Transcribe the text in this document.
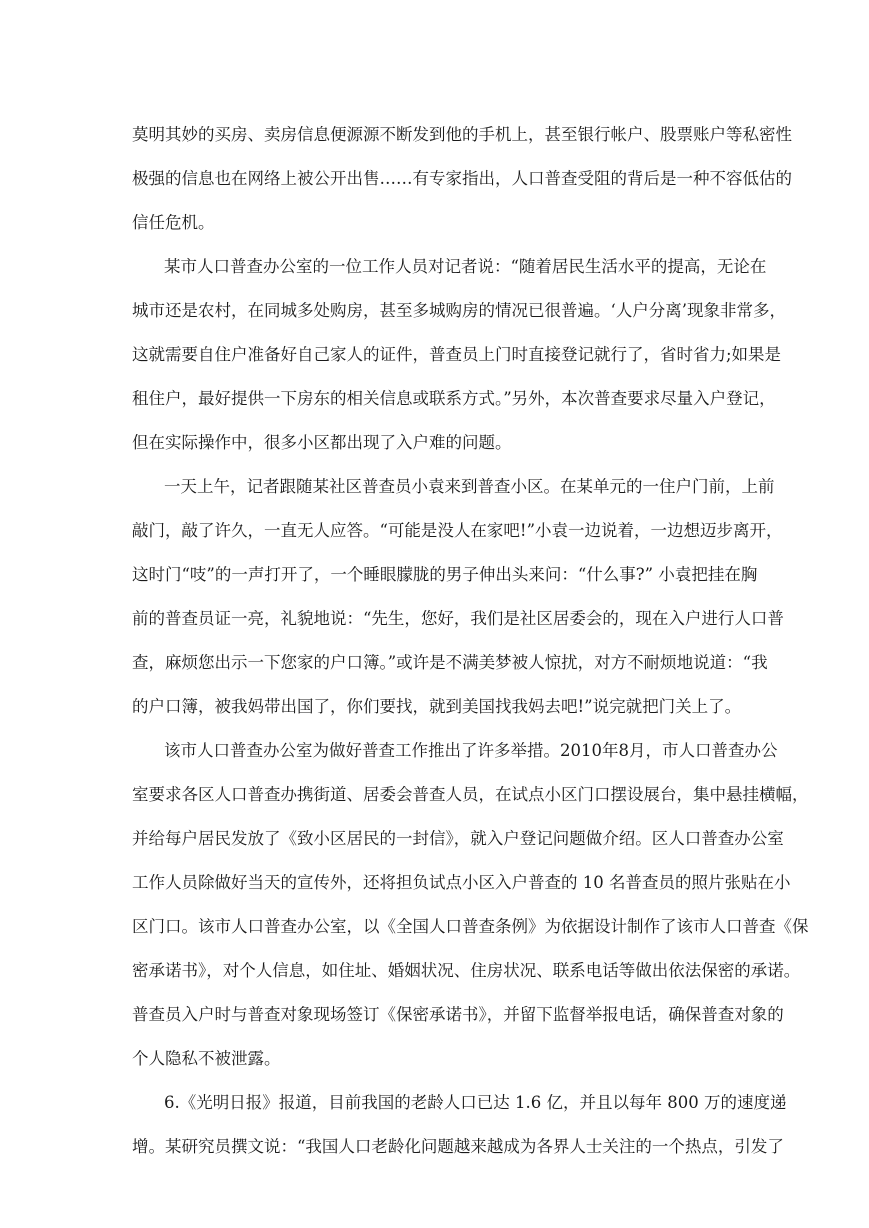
莫明其妙的买房、卖房信息便源源不断发到他的手机上，甚至银行帐户、股票账户等私密性
极强的信息也在网络上被公开出售……有专家指出，人口普查受阻的背后是一种不容低估的
信任危机。
某市人口普查办公室的一位工作人员对记者说：“随着居民生活水平的提高，无论在
城市还是农村，在同城多处购房，甚至多城购房的情况已很普遍。‘人户分离’现象非常多，
这就需要自住户准备好自己家人的证件，普查员上门时直接登记就行了，省时省力;如果是
租住户，最好提供一下房东的相关信息或联系方式。”另外，本次普查要求尽量入户登记，
但在实际操作中，很多小区都出现了入户难的问题。
一天上午，记者跟随某社区普查员小袁来到普查小区。在某单元的一住户门前，上前
敲门，敲了许久，一直无人应答。“可能是没人在家吧!”小袁一边说着，一边想迈步离开，
这时门“吱”的一声打开了，一个睡眼朦胧的男子伸出头来问：“什么事?” 小袁把挂在胸
前的普查员证一亮，礼貌地说：“先生，您好，我们是社区居委会的，现在入户进行人口普
查，麻烦您出示一下您家的户口簿。”或许是不满美梦被人惊扰，对方不耐烦地说道：“我
的户口簿，被我妈带出国了，你们要找，就到美国找我妈去吧!”说完就把门关上了。
该市人口普查办公室为做好普查工作推出了许多举措。2010年8月，市人口普查办公
室要求各区人口普查办携街道、居委会普查人员，在试点小区门口摆设展台，集中悬挂横幅，
并给每户居民发放了《致小区居民的一封信》，就入户登记问题做介绍。区人口普查办公室
工作人员除做好当天的宣传外，还将担负试点小区入户普查的 10 名普查员的照片张贴在小
区门口。该市人口普查办公室，以《全国人口普查条例》为依据设计制作了该市人口普查《保
密承诺书》，对个人信息，如住址、婚姻状况、住房状况、联系电话等做出依法保密的承诺。
普查员入户时与普查对象现场签订《保密承诺书》，并留下监督举报电话，确保普查对象的
个人隐私不被泄露。
6.《光明日报》报道，目前我国的老龄人口已达 1.6 亿，并且以每年 800 万的速度递
增。某研究员撰文说：“我国人口老龄化问题越来越成为各界人士关注的一个热点，引发了
